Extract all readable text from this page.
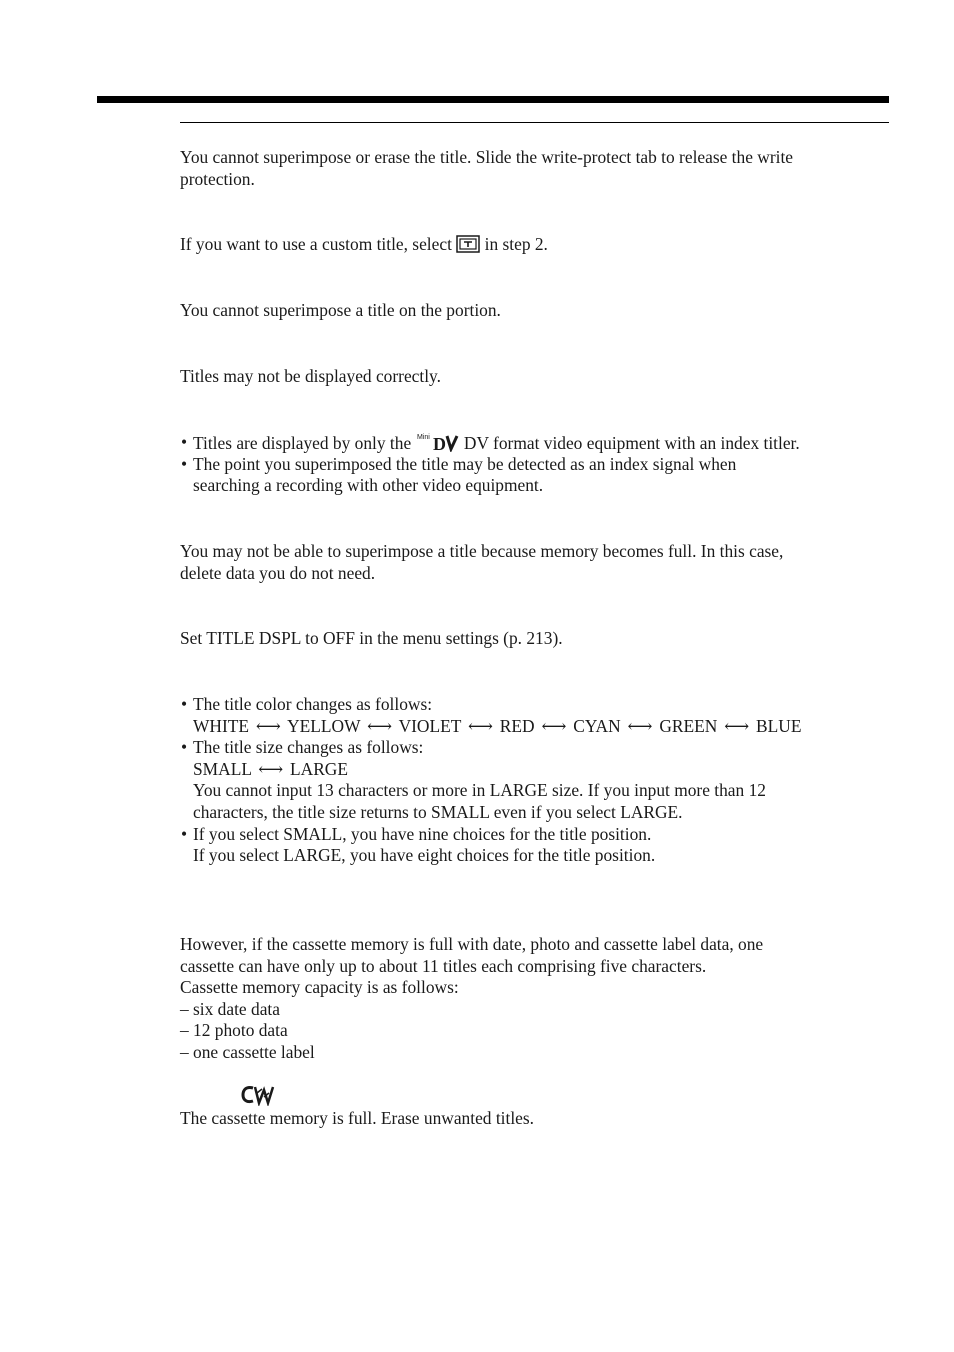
You cannot superimpose or erase the title. Slide the write-protect tab to release the write
protection.
If you want to use a custom title, select in step 2.
You cannot superimpose a title on the portion.
Titles may not be displayed correctly.
• Titles are displayed by only the Mini D DV format video equipment with an index titler.
• The point you superimposed the title may be detected as an index signal when
searching a recording with other video equipment.
You may not be able to superimpose a title because memory becomes full. In this case,
delete data you do not need.
Set TITLE DSPL to OFF in the menu settings (p. 213).
• The title color changes as follows:
WHITE ⟷ YELLOW ⟷ VIOLET ⟷ RED ⟷ CYAN ⟷ GREEN ⟷ BLUE
• The title size changes as follows:
SMALL ⟷ LARGE
You cannot input 13 characters or more in LARGE size. If you input more than 12
characters, the title size returns to SMALL even if you select LARGE.
• If you select SMALL, you have nine choices for the title position.
If you select LARGE, you have eight choices for the title position.
However, if the cassette memory is full with date, photo and cassette label data, one
cassette can have only up to about 11 titles each comprising five characters.
Cassette memory capacity is as follows:
– six date data
– 12 photo data
– one cassette label
The cassette memory is full. Erase unwanted titles.
